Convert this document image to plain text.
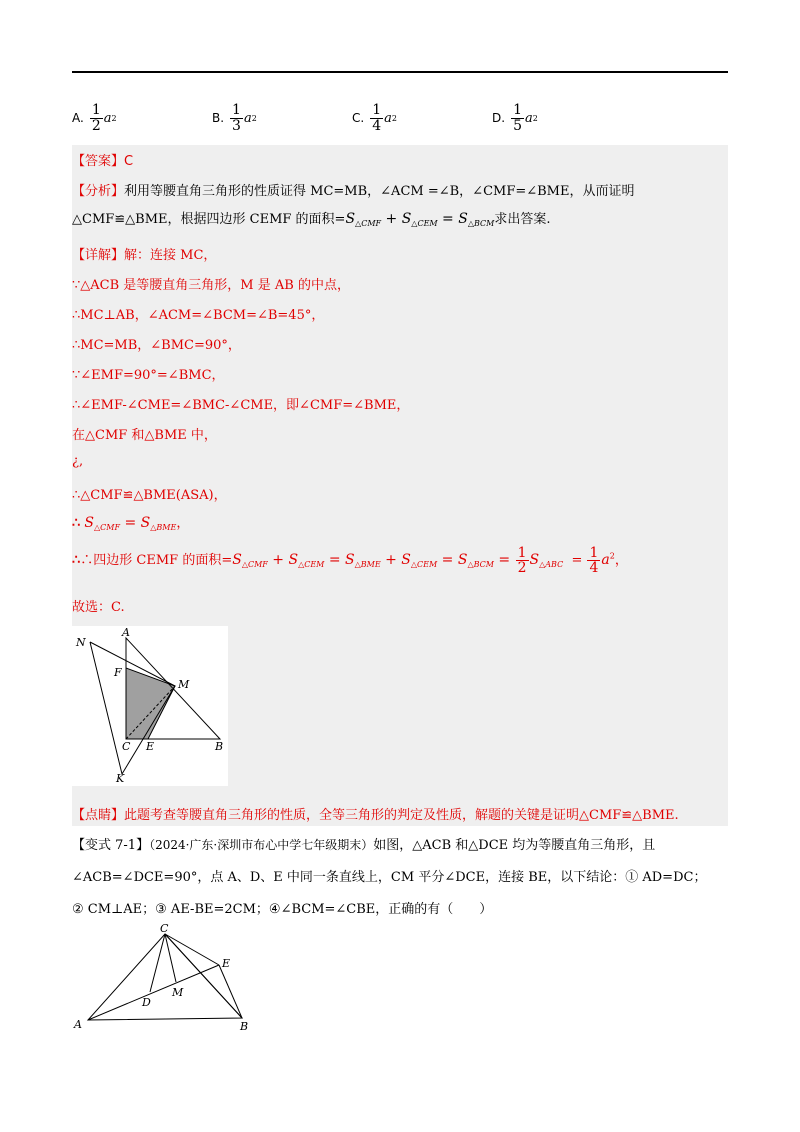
A. $\frac{1}{2}$ a 2	B. $\frac{1}{3}$ a 2	C. $\frac{1}{4}$ a 2	D. $\frac{1}{5}$ a 2
【答案】C
【分析】利用等腰直角三角形的性质证得 MC=MB，∠ACM =∠B，∠CMF=∠BME，从而证明
△CMF≌△BME，根据四边形 CEMF 的面积$=S_{\triangle CMF} + S_{\triangle CEM} = S_{\triangle BCM}$求出答案.
【详解】解：连接 MC，
∵△ACB 是等腰直角三角形，M 是 AB 的中点，
∴MC⊥AB，∠ACM=∠BCM=∠B=45°，
∴MC=MB，∠BMC=90°，
∵∠EMF=90°=∠BMC，
∴∠EMF-∠CME=∠BMC-∠CME，即∠CMF=∠BME，
在△CMF 和△BME 中，
¿,
∴△CMF≌△BME(ASA)，
∴ $S_{\triangle CMF} = S_{\triangle BME}$，
∴∴四边形 CEMF 的面积$=S_{\triangle CMF} + S_{\triangle CEM} = S_{\triangle BME} + S_{\triangle CEM} = S_{\triangle BCM} = \frac{1}{2} S_{\triangle ABC} = \frac{1}{4} a^2$，
故选：C.
N
A
F
M
C E	B
K
【点睛】此题考查等腰直角三角形的性质，全等三角形的判定及性质，解题的关键是证明△CMF≌△BME.
【变式 7-1】（2024·广东·深圳市布心中学七年级期末）如图，△ACB 和△DCE 均为等腰直角三角形，且
∠ACB=∠DCE=90°，点 A、D、E 中同一条直线上，CM 平分∠DCE，连接 BE，以下结论：① AD=DC；
② CM⊥AE；③ AE-BE=2CM；④∠BCM=∠CBE，正确的有（　　）
C
E
D
M
A	B
